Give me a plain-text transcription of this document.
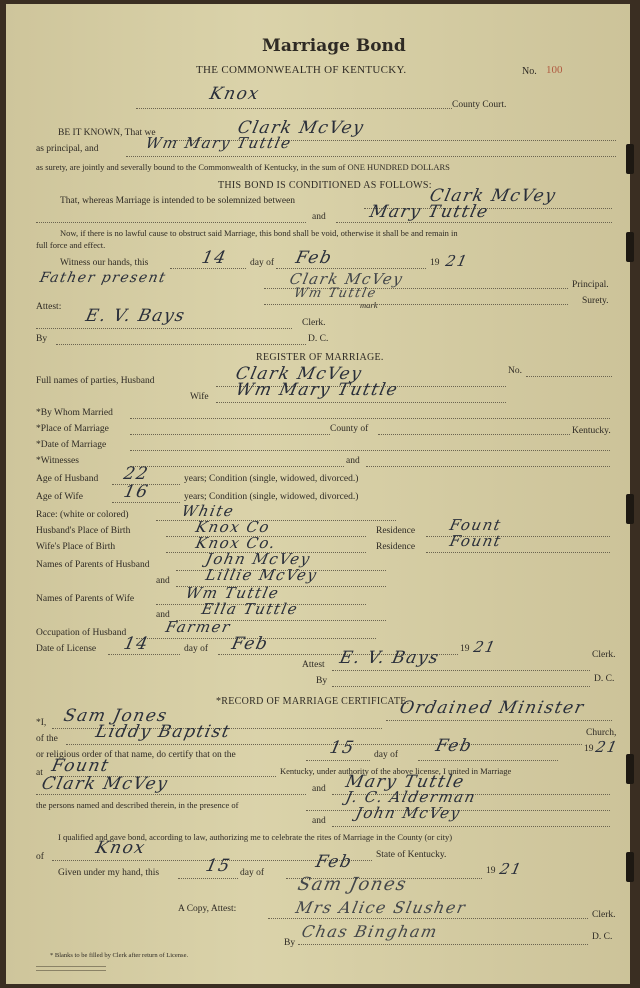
Marriage Bond
THE COMMONWEALTH OF KENTUCKY.	No. 100
Knox
County Court.
BE IT KNOWN, That we	Clark McVey
as principal, and	Wm Mary Tuttle
as surety, are jointly and severally bound to the Commonwealth of Kentucky, in the sum of ONE HUNDRED DOLLARS
THIS BOND IS CONDITIONED AS FOLLOWS:
That, whereas Marriage is intended to be solemnized between	Clark McVey
and Mary Tuttle
Now, if there is no lawful cause to obstruct said Marriage, this bond shall be void, otherwise it shall be and remain in
full force and effect.
Witness our hands, this	14 day of Feb	19 21
Father present	Clark McVey	Principal.
Wm Tuttle
mark	Surety.
Attest: E. V. Bays	Clerk.
By	D. C.
REGISTER OF MARRIAGE.
No.
Full names of parties, Husband	Clark McVey
Wife Wm Mary Tuttle
*By Whom Married
*Place of Marriage	County of	Kentucky.
*Date of Marriage
*Witnesses	and
Age of Husband 22	years; Condition (single, widowed, divorced.)
Age of Wife 16	years; Condition (single, widowed, divorced.)
Race: (white or colored)	White
Husband's Place of Birth	Knox Co	Residence Fount
Wife's Place of Birth	Knox Co.	Residence Fount
Names of Parents of Husband	John McVey
and Lillie McVey
Names of Parents of Wife	Wm Tuttle
and Ella Tuttle
Occupation of Husband	Farmer
Date of License 14	day of Feb	19 21	Clerk.
Attest E. V. Bays
By	D. C.
*RECORD OF MARRIAGE CERTIFICATE.
*I, Sam Jones	Ordained Minister
of the Liddy Baptist	Church,
or religious order of that name, do certify that on the	15 day of Feb	19 21
at Fount	Kentucky, under authority of the above license, I united in Marriage
Clark McVey	and Mary Tuttle
the persons named and described therein, in the presence of	J. C. Alderman
and John McVey
I qualified and gave bond, according to law, authorizing me to celebrate the rites of Marriage in the County (or city)
of	Knox	State of Kentucky.
Given under my hand, this	15 day of
Feb	19 21
Sam Jones
A Copy, Attest:	Mrs Alice Slusher	Clerk.
By
Chas Bingham	D. C.
* Blanks to be filled by Clerk after return of License.
